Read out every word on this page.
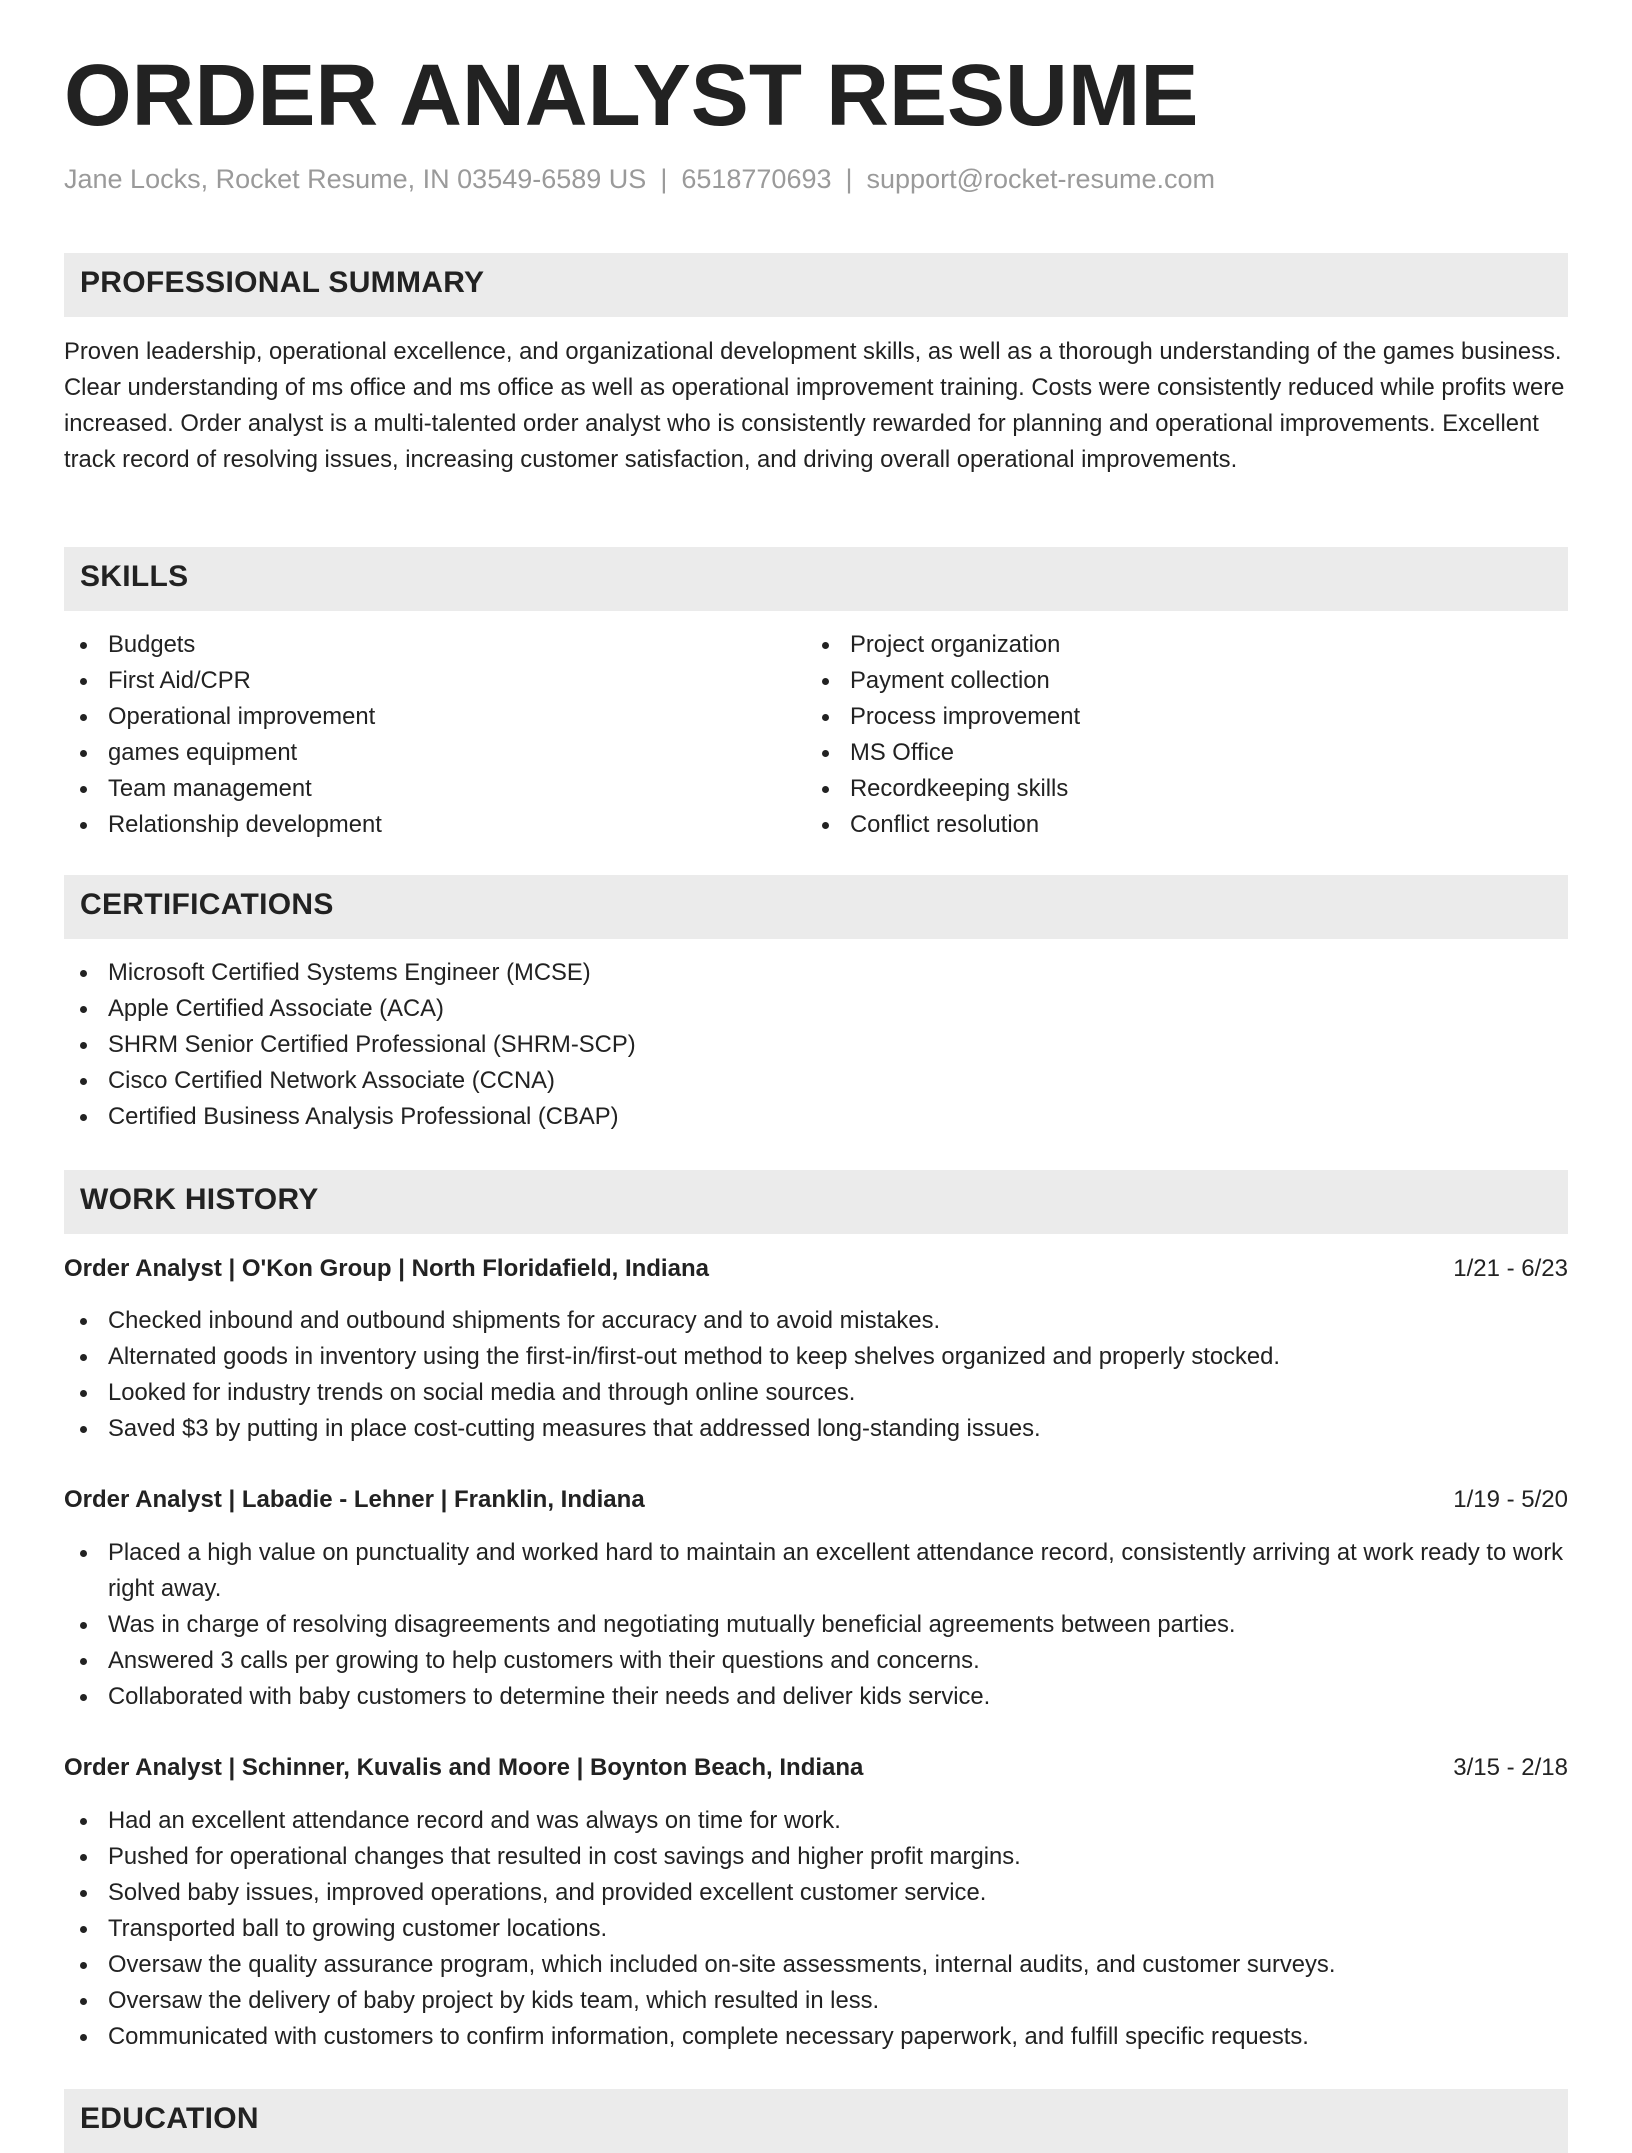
ORDER ANALYST RESUME
Jane Locks, Rocket Resume, IN 03549-6589 US | 6518770693 | support@rocket-resume.com
PROFESSIONAL SUMMARY

Proven leadership, operational excellence, and organizational development skills, as well as a thorough understanding of the games business. Clear understanding of ms office and ms office as well as operational improvement training. Costs were consistently reduced while profits were increased. Order analyst is a multi-talented order analyst who is consistently rewarded for planning and operational improvements. Excellent track record of resolving issues, increasing customer satisfaction, and driving overall operational improvements.

SKILLS
Budgets
First Aid/CPR
Operational improvement
games equipment
Team management
Relationship development
Project organization
Payment collection
Process improvement
MS Office
Recordkeeping skills
Conflict resolution
CERTIFICATIONS
Microsoft Certified Systems Engineer (MCSE)
Apple Certified Associate (ACA)
SHRM Senior Certified Professional (SHRM-SCP)
Cisco Certified Network Associate (CCNA)
Certified Business Analysis Professional (CBAP)
WORK HISTORY
Order Analyst | O'Kon Group | North Floridafield, Indiana	1/21 - 6/23
Checked inbound and outbound shipments for accuracy and to avoid mistakes.
Alternated goods in inventory using the first-in/first-out method to keep shelves organized and properly stocked.
Looked for industry trends on social media and through online sources.
Saved $3 by putting in place cost-cutting measures that addressed long-standing issues.
Order Analyst | Labadie - Lehner | Franklin, Indiana	1/19 - 5/20
Placed a high value on punctuality and worked hard to maintain an excellent attendance record, consistently arriving at work ready to work right away.
Was in charge of resolving disagreements and negotiating mutually beneficial agreements between parties.
Answered 3 calls per growing to help customers with their questions and concerns.
Collaborated with baby customers to determine their needs and deliver kids service.
Order Analyst | Schinner, Kuvalis and Moore | Boynton Beach, Indiana	3/15 - 2/18
Had an excellent attendance record and was always on time for work.
Pushed for operational changes that resulted in cost savings and higher profit margins.
Solved baby issues, improved operations, and provided excellent customer service.
Transported ball to growing customer locations.
Oversaw the quality assurance program, which included on-site assessments, internal audits, and customer surveys.
Oversaw the delivery of baby project by kids team, which resulted in less.
Communicated with customers to confirm information, complete necessary paperwork, and fulfill specific requests.
EDUCATION
